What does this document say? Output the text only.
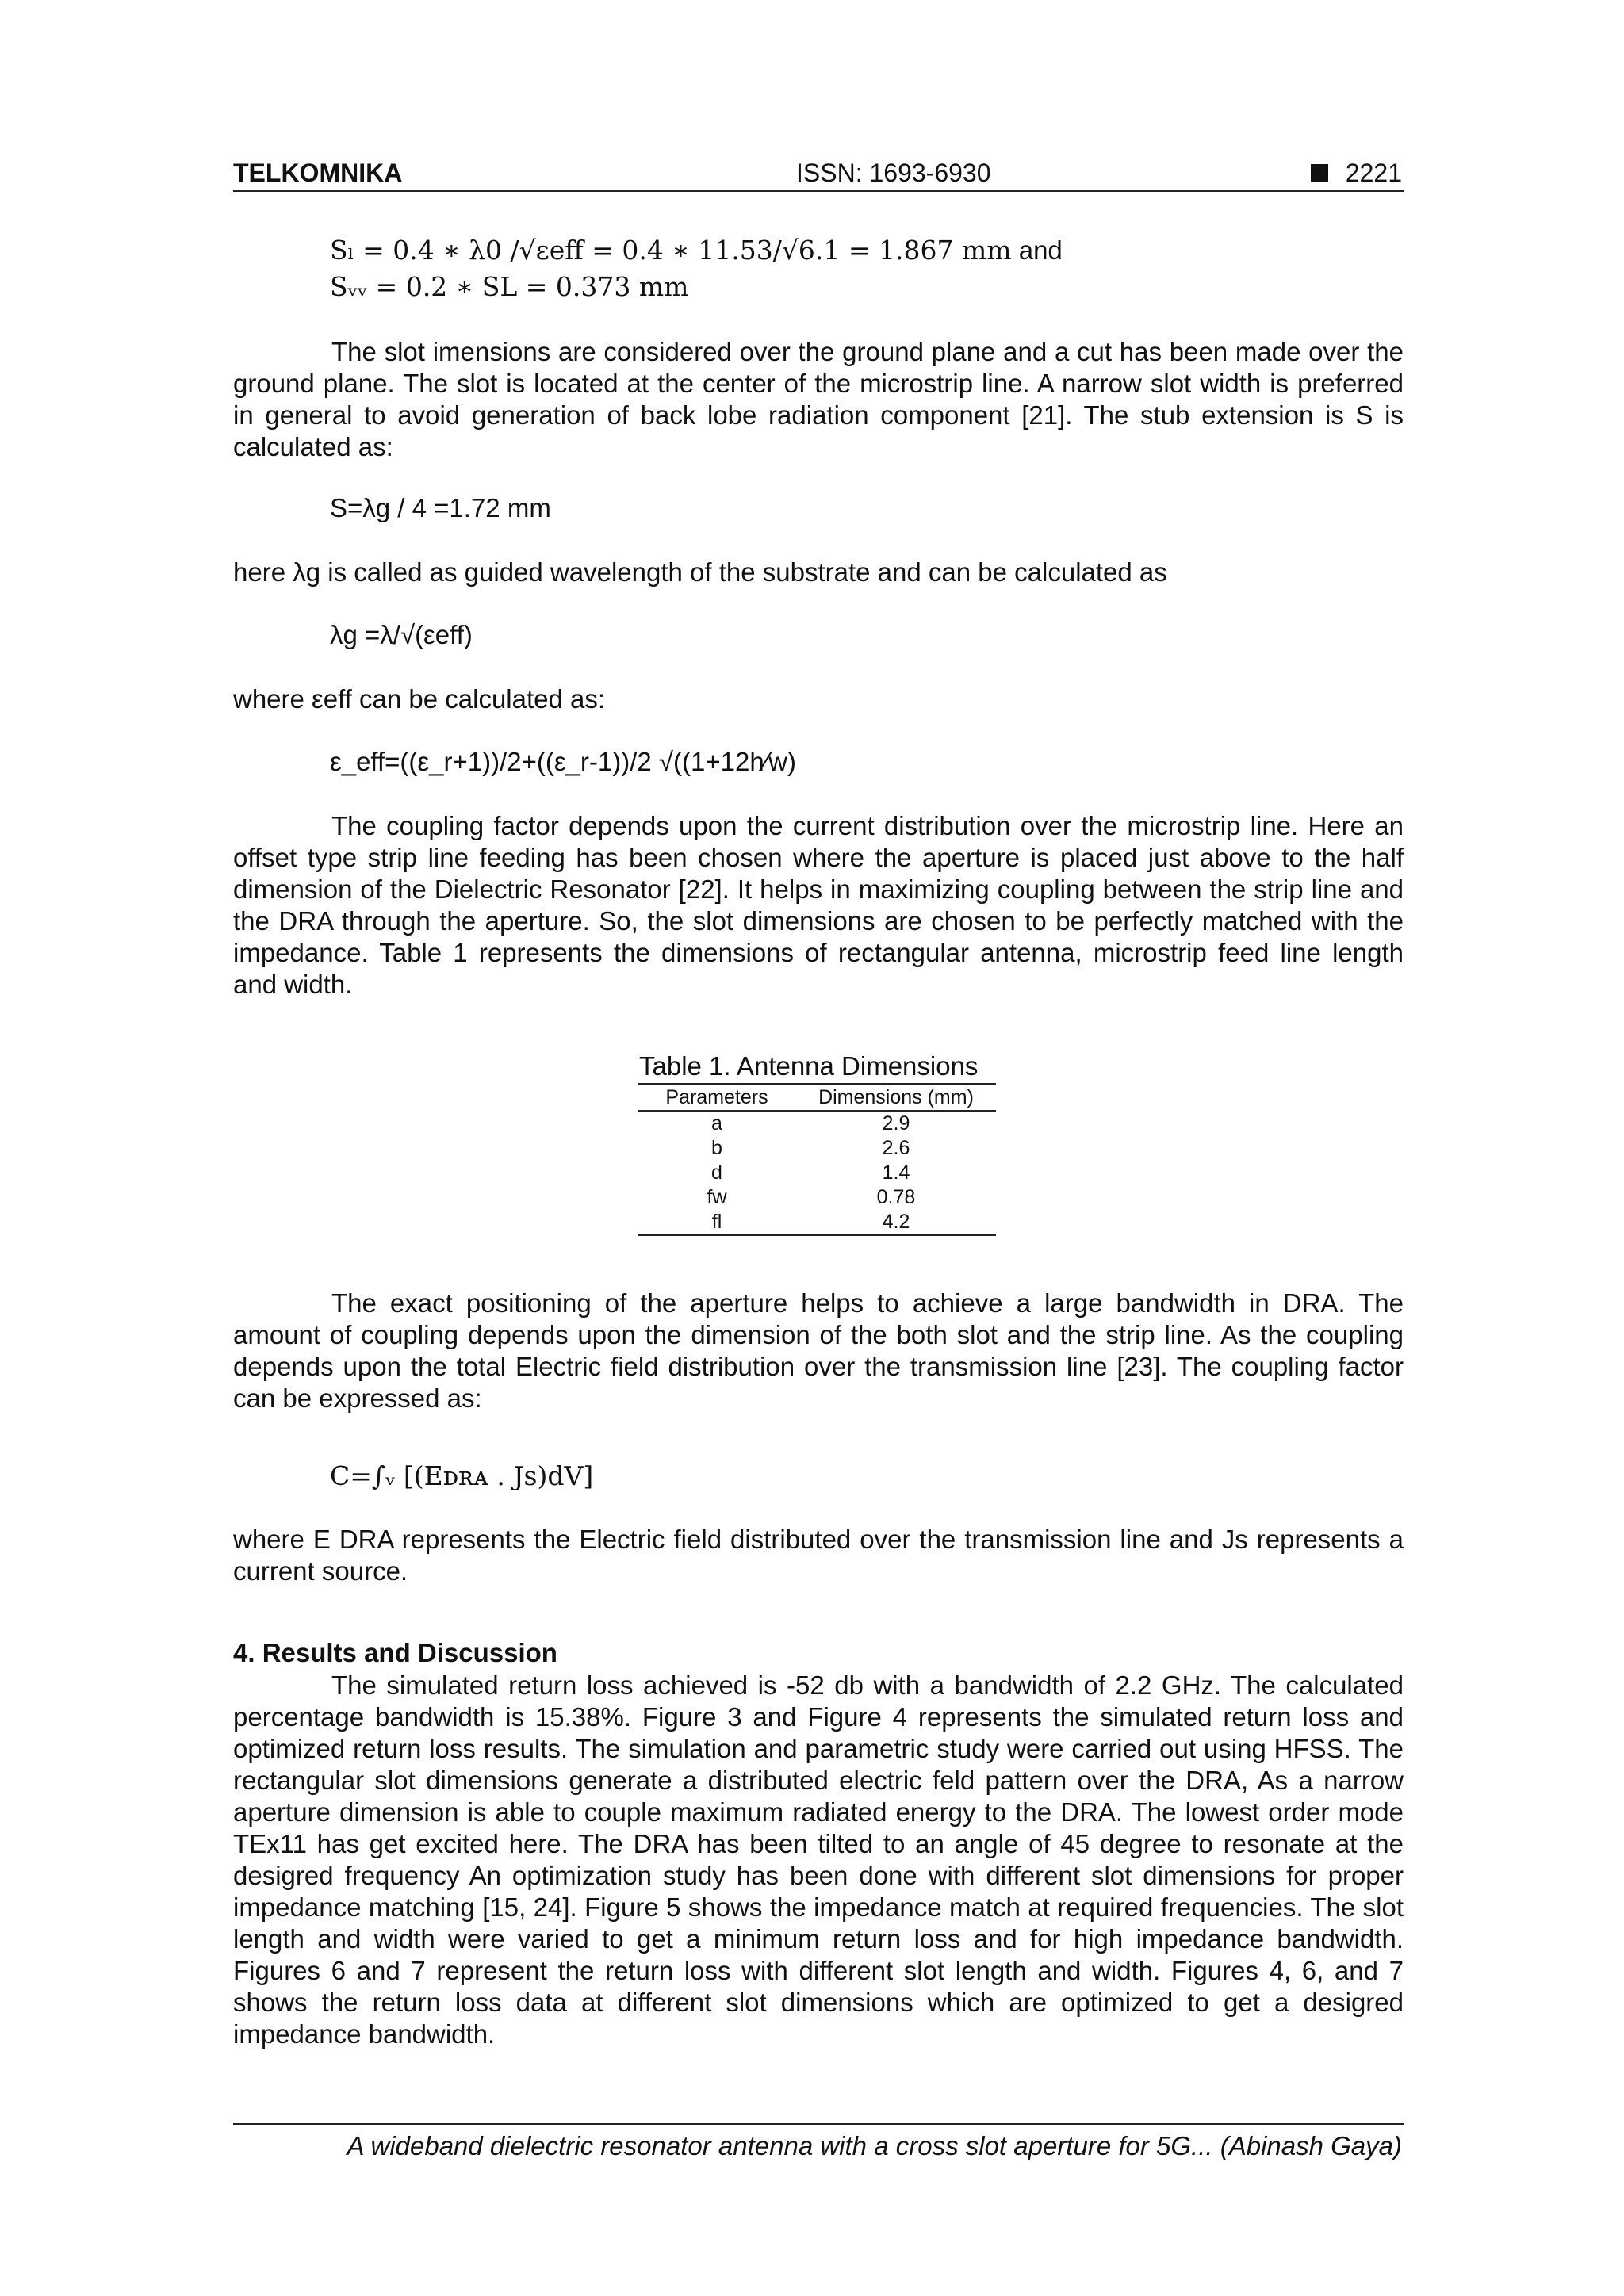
TELKOMNIKA	ISSN: 1693-6930	2221
Sₗ = 0.4 ∗ λ0 /√εeff = 0.4 ∗ 11.53/√6.1 = 1.867 mm and
Sᵥᵥ = 0.2 ∗ SL = 0.373 mm

The slot imensions are considered over the ground plane and a cut has been made over the ground plane. The slot is located at the center of the microstrip line. A narrow slot width is preferred in general to avoid generation of back lobe radiation component [21]. The stub extension is S is calculated as:

S=λg / 4 =1.72 mm

here λg is called as guided wavelength of the substrate and can be calculated as

λg =λ/√(εeff)

where εeff can be calculated as:

ε_eff=((ε_r+1))/2+((ε_r-1))/2 √((1+12h⁄w)

The coupling factor depends upon the current distribution over the microstrip line. Here an offset type strip line feeding has been chosen where the aperture is placed just above to the half dimension of the Dielectric Resonator [22]. It helps in maximizing coupling between the strip line and the DRA through the aperture. So, the slot dimensions are chosen to be perfectly matched with the impedance. Table 1 represents the dimensions of rectangular antenna, microstrip feed line length and width.

Table 1. Antenna Dimensions
Parameters	Dimensions (mm)
a	2.9
b	2.6
d	1.4
fw	0.78
fl	4.2

The exact positioning of the aperture helps to achieve a large bandwidth in DRA. The amount of coupling depends upon the dimension of the both slot and the strip line. As the coupling depends upon the total Electric field distribution over the transmission line [23]. The coupling factor can be expressed as:

C=∫ᵥ [(Eᴅʀᴀ . Js)dV]

where E DRA represents the Electric field distributed over the transmission line and Js represents a current source.

4. Results and Discussion

The simulated return loss achieved is -52 db with a bandwidth of 2.2 GHz. The calculated percentage bandwidth is 15.38%. Figure 3 and Figure 4 represents the simulated return loss and optimized return loss results. The simulation and parametric study were carried out using HFSS. The rectangular slot dimensions generate a distributed electric feld pattern over the DRA, As a narrow aperture dimension is able to couple maximum radiated energy to the DRA. The lowest order mode TEx11 has get excited here. The DRA has been tilted to an angle of 45 degree to resonate at the desigred frequency An optimization study has been done with different slot dimensions for proper impedance matching [15, 24]. Figure 5 shows the impedance match at required frequencies. The slot length and width were varied to get a minimum return loss and for high impedance bandwidth. Figures 6 and 7 represent the return loss with different slot length and width. Figures 4, 6, and 7 shows the return loss data at different slot dimensions which are optimized to get a desigred impedance bandwidth.

A wideband dielectric resonator antenna with a cross slot aperture for 5G... (Abinash Gaya)
